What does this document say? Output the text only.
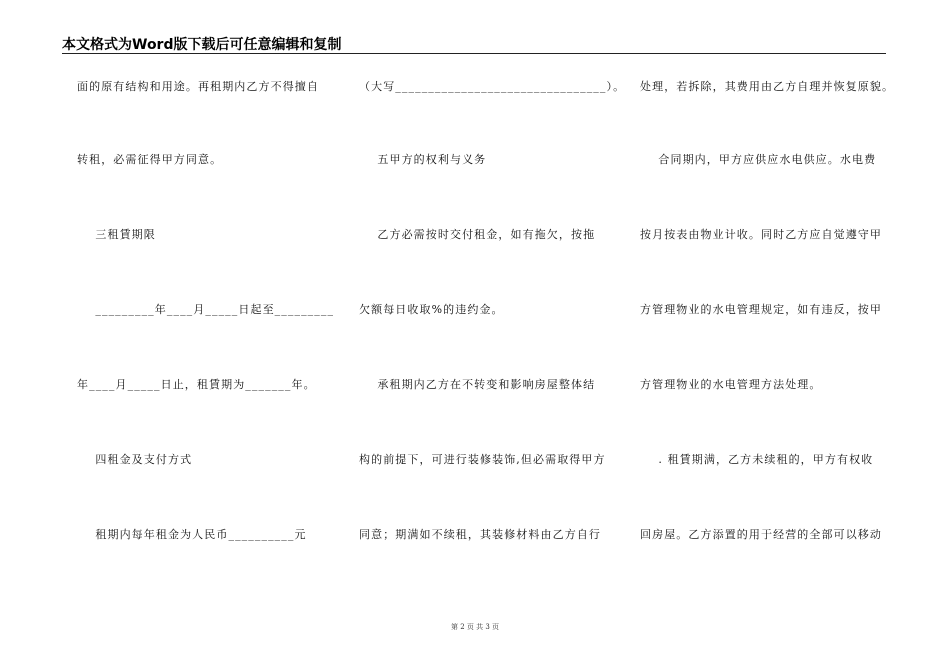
本文格式为Word版下载后可任意编辑和复制
面的原有结构和用途。再租期内乙方不得擅自
转租，必需征得甲方同意。
三租賃期限
_________年____月_____日起至_________
年____月_____日止，租賃期为_______年。
四租金及支付方式
租期内每年租金为人民币__________元
（大写________________________________）。
五甲方的权利与义务
乙方必需按时交付租金，如有拖欠，按拖
欠额每日收取%的违约金。
承租期内乙方在不转变和影响房屋整体结
构的前提下，可进行装修装饰,但必需取得甲方
同意；期满如不续租，其装修材料由乙方自行
处理，若拆除，其费用由乙方自理并恢复原貌。
合同期内，甲方应供应水电供应。水电费
按月按表由物业计收。同时乙方应自觉遵守甲
方管理物业的水电管理规定，如有违反，按甲
方管理物业的水电管理方法处理。
. 租賃期满，乙方未续租的，甲方有权收
回房屋。乙方添置的用于经营的全部可以移动
第 2 页 共 3 页
